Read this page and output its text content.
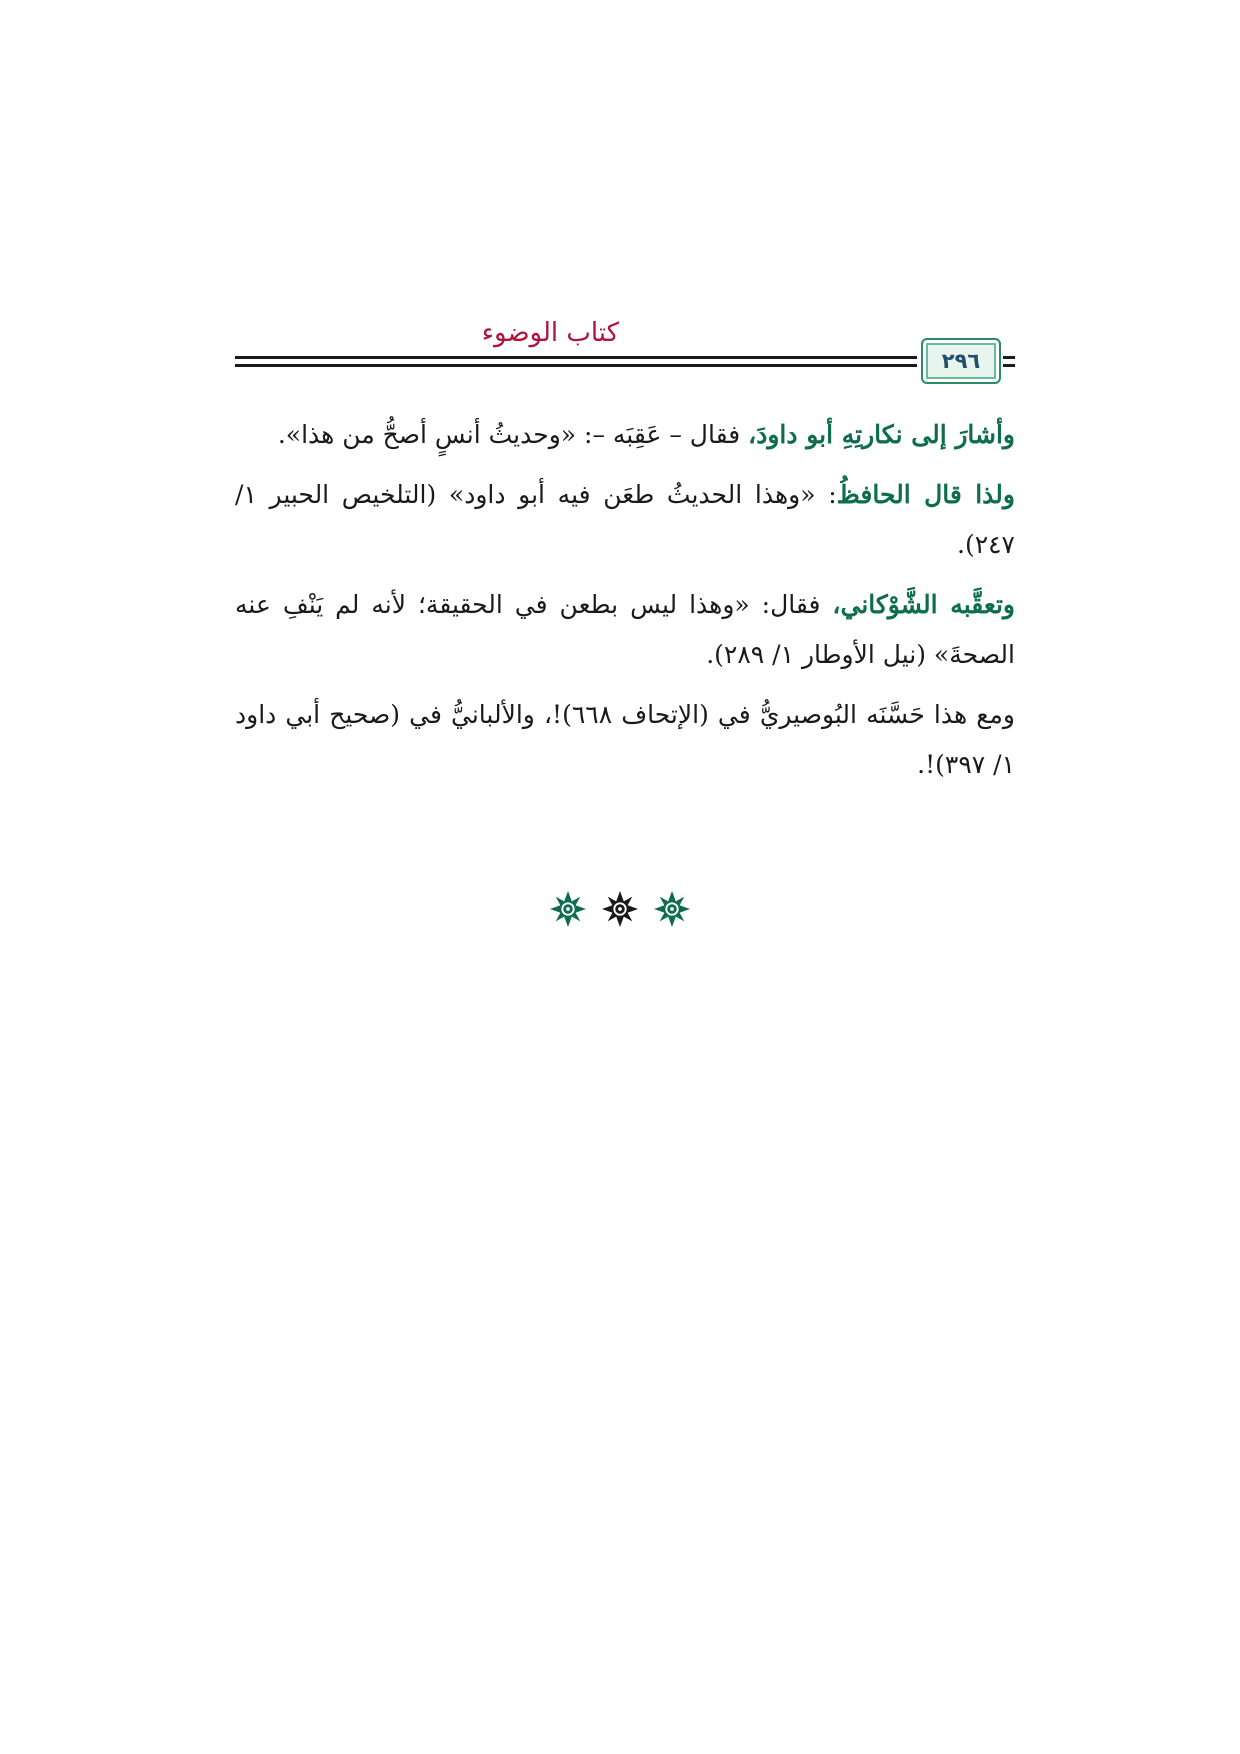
كتاب الوضوء
٢٩٦

وأشارَ إلى نكارتِهِ أبو داودَ، فقال – عَقِبَه –: «وحديثُ أنسٍ أصحُّ من هذا».

ولذا قال الحافظُ: «وهذا الحديثُ طعَن فيه أبو داود» (التلخيص الحبير ١/ ٢٤٧).

وتعقَّبه الشَّوْكاني، فقال: «وهذا ليس بطعن في الحقيقة؛ لأنه لم يَنْفِ عنه الصحةَ» (نيل الأوطار ١/ ٢٨٩).

ومع هذا حَسَّنَه البُوصيريُّ في (الإتحاف ٦٦٨)!، والألبانيُّ في (صحيح أبي داود ١/ ٣٩٧)!.
